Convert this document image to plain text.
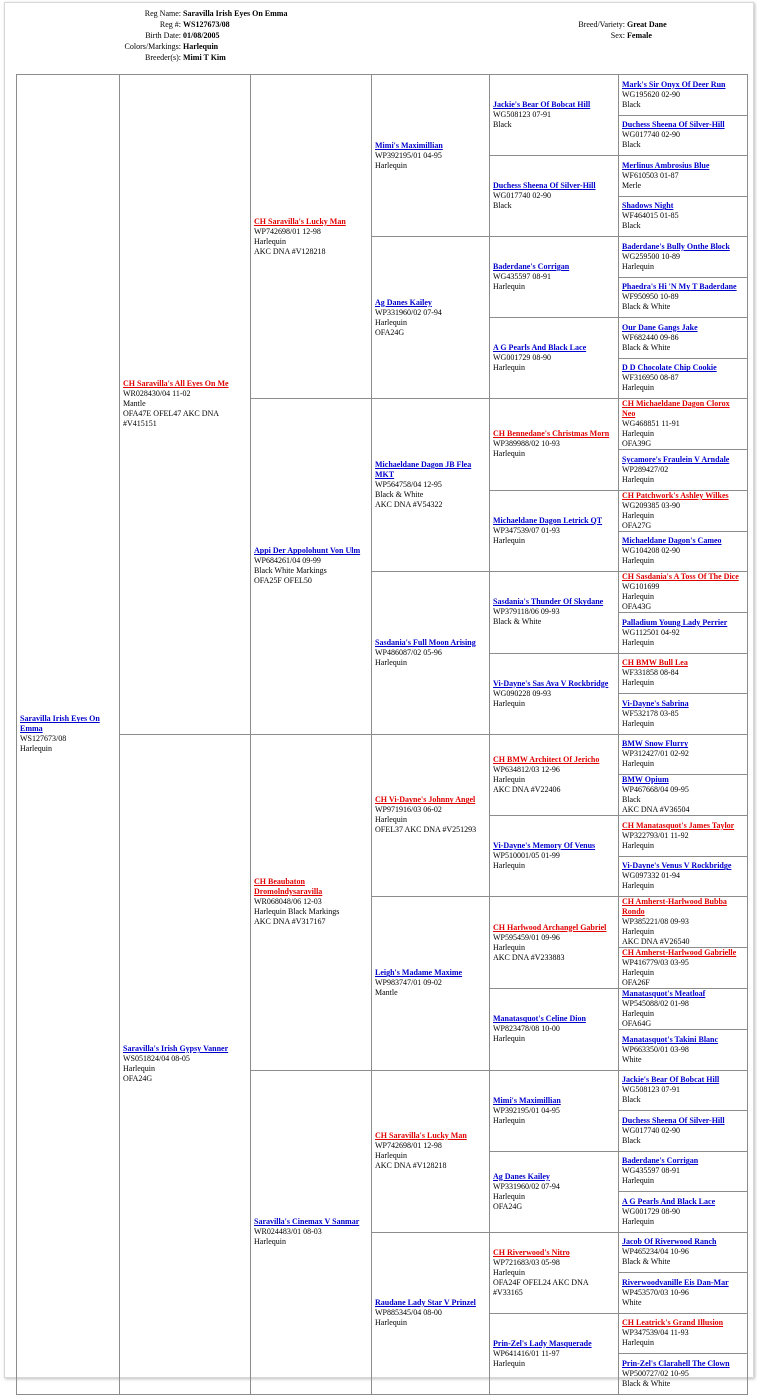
Reg Name: Saravilla Irish Eyes On Emma
Reg #: WS127673/08
Birth Date: 01/08/2005
Colors/Markings: Harlequin
Breeder(s): Mimi T Kim
Breed/Variety: Great Dane
Sex: Female
Saravilla Irish Eyes On Emma
WS127673/08
Harlequin	CH Saravilla's All Eyes On Me
WR028430/04 11-02
Mantle
OFA47E OFEL47 AKC DNA #V415151	CH Saravilla's Lucky Man
WP742698/01 12-98
Harlequin
AKC DNA #V128218	Mimi's Maximillian
WP392195/01 04-95
Harlequin	Jackie's Bear Of Bobcat Hill
WG508123 07-91
Black	Mark's Sir Onyx Of Deer Run
WG195620 02-90
Black

					Duchess Sheena Of Silver-Hill
WG017740 02-90
Black

				Duchess Sheena Of Silver-Hill
WG017740 02-90
Black	Merlinus Ambrosius Blue
WF610503 01-87
Merle

					Shadows Night
WF464015 01-85
Black

			Ag Danes Kailey
WP331960/02 07-94
Harlequin
OFA24G	Baderdane's Corrigan
WG435597 08-91
Harlequin	Baderdane's Bully Onthe Block
WG259500 10-89
Harlequin

					Phaedra's Hi 'N My T Baderdane
WF950950 10-89
Black & White

				A G Pearls And Black Lace
WG001729 08-90
Harlequin	Our Dane Gangs Jake
WF682440 09-86
Black & White

					D D Chocolate Chip Cookie
WF316950 08-87
Harlequin

		Appi Der Appolohunt Von Ulm
WP684261/04 09-99
Black White Markings
OFA25F OFEL50	Michaeldane Dagon JB Flea MKT
WP564758/04 12-95
Black & White
AKC DNA #V54322	CH Bennedane's Christmas Morn
WP389988/02 10-93
Harlequin	CH Michaeldane Dagon Clorox Neo
WG468851 11-91
Harlequin
OFA39G

					Sycamore's Fraulein V Arndale
WP289427/02
Harlequin

				Michaeldane Dagon Letrick QT
WP347539/07 01-93
Harlequin	CH Patchwork's Ashley Wilkes
WG209385 03-90
Harlequin
OFA27G

					Michaeldane Dagon's Cameo
WG104208 02-90
Harlequin

			Sasdania's Full Moon Arising
WP486087/02 05-96
Harlequin	Sasdania's Thunder Of Skydane
WP379118/06 09-93
Black & White	CH Sasdania's A Toss Of The Dice
WG101699
Harlequin
OFA43G

					Palladium Young Lady Perrier
WG112501 04-92
Harlequin

				Vi-Dayne's Sas Ava V Rockbridge
WG090228 09-93
Harlequin	CH BMW Bull Lea
WF331858 08-84
Harlequin

					Vi-Dayne's Sabrina
WF532178 03-85
Harlequin

	Saravilla's Irish Gypsy Vanner
WS051824/04 08-05
Harlequin
OFA24G	CH Beaubaton Dromolndysaravilla
WR068048/06 12-03
Harlequin Black Markings
AKC DNA #V317167	CH Vi-Dayne's Johnny Angel
WP971916/03 06-02
Harlequin
OFEL37 AKC DNA #V251293	CH BMW Architect Of Jericho
WP634812/03 12-96
Harlequin
AKC DNA #V22406	BMW Snow Flurry
WP312427/01 02-92
Harlequin

					BMW Opium
WP467668/04 09-95
Black
AKC DNA #V36504

				Vi-Dayne's Memory Of Venus
WP510001/05 01-99
Harlequin	CH Manatasquot's James Taylor
WP322793/01 11-92
Harlequin

					Vi-Dayne's Venus V Rockbridge
WG097332 01-94
Harlequin

			Leigh's Madame Maxime
WP983747/01 09-02
Mantle	CH Harlwood Archangel Gabriel
WP595459/01 09-96
Harlequin
AKC DNA #V233883	CH Amherst-Harlwood Bubba Rondo
WP385221/08 09-93
Harlequin
AKC DNA #V26540

					CH Amherst-Harlwood Gabrielle
WP416779/03 03-95
Harlequin
OFA26F

				Manatasquot's Celine Dion
WP823478/08 10-00
Harlequin	Manatasquot's Meatloaf
WP545088/02 01-98
Harlequin
OFA64G

					Manatasquot's Takini Blanc
WP663350/01 03-98
White

		Saravilla's Cinemax V Sanmar
WR024483/01 08-03
Harlequin	CH Saravilla's Lucky Man
WP742698/01 12-98
Harlequin
AKC DNA #V128218	Mimi's Maximillian
WP392195/01 04-95
Harlequin	Jackie's Bear Of Bobcat Hill
WG508123 07-91
Black

					Duchess Sheena Of Silver-Hill
WG017740 02-90
Black

				Ag Danes Kailey
WP331960/02 07-94
Harlequin
OFA24G	Baderdane's Corrigan
WG435597 08-91
Harlequin

					A G Pearls And Black Lace
WG001729 08-90
Harlequin

			Raudane Lady Star V Prinzel
WP885345/04 08-00
Harlequin	CH Riverwood's Nitro
WP721683/03 05-98
Harlequin
OFA24F OFEL24 AKC DNA #V33165	Jacob Of Riverwood Ranch
WP465234/04 10-96
Black & White

					Riverwoodvanille Eis Dan-Mar
WP453570/03 10-96
White

				Prin-Zel's Lady Masquerade
WP641416/01 11-97
Harlequin	CH Leatrick's Grand Illusion
WP347539/04 11-93
Harlequin

					Prin-Zel's Clarahell The Clown
WP500727/02 10-95
Black & White
